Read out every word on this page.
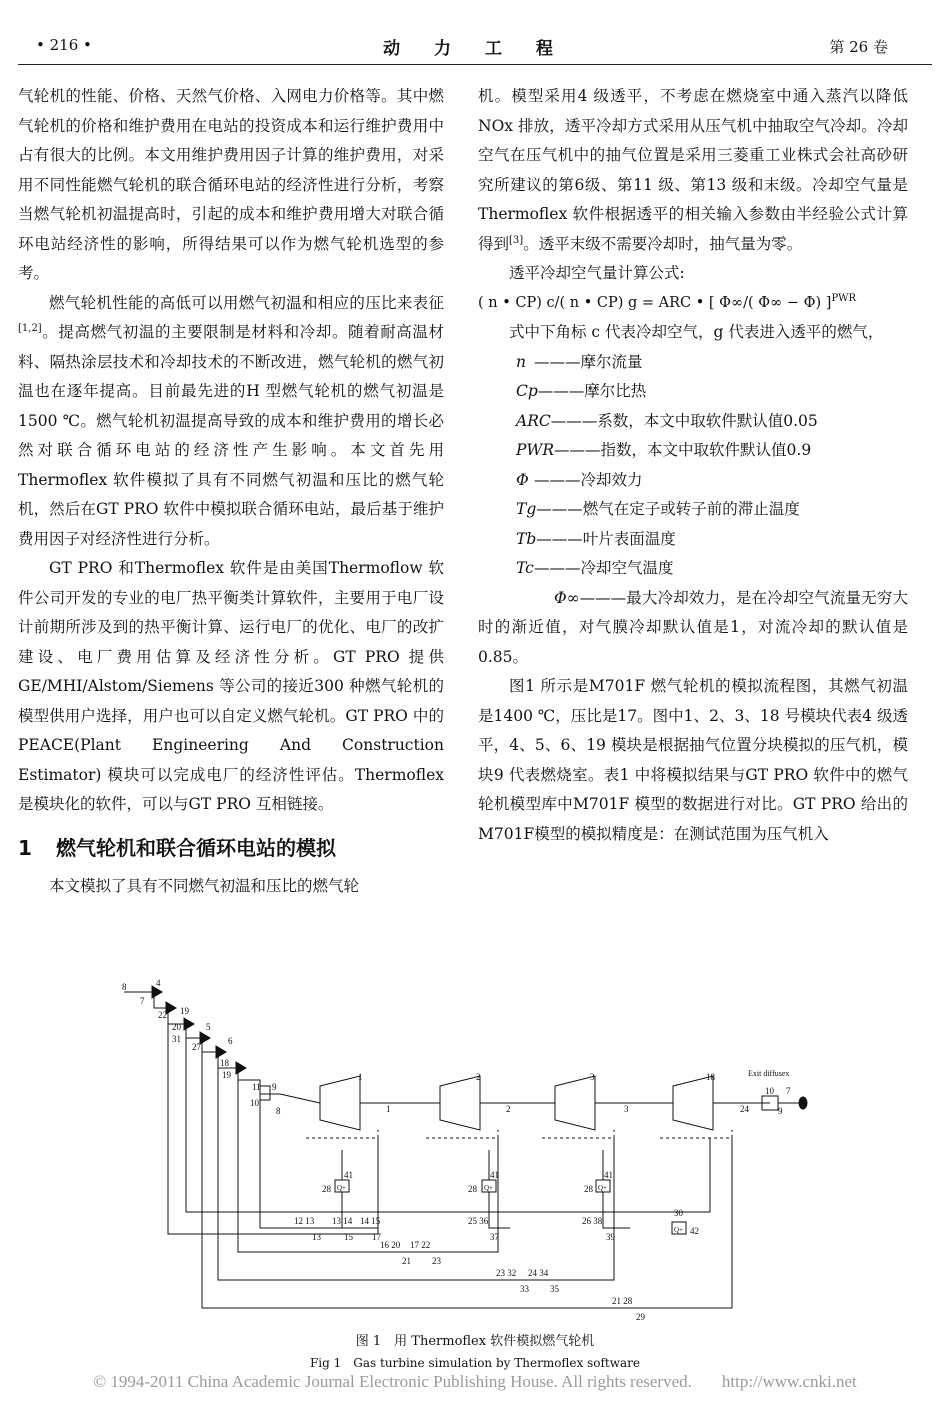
• 216 •	动 力 工 程	第 26 卷

气轮机的性能、价格、天然气价格、入网电力价格等。其中燃气轮机的价格和维护费用在电站的投资成本和运行维护费用中占有很大的比例。本文用维护费用因子计算的维护费用，对采用不同性能燃气轮机的联合循环电站的经济性进行分析，考察当燃气轮机初温提高时，引起的成本和维护费用增大对联合循环电站经济性的影响，所得结果可以作为燃气轮机选型的参考。

燃气轮机性能的高低可以用燃气初温和相应的压比来表征[1,2]。提高燃气初温的主要限制是材料和冷却。随着耐高温材料、隔热涂层技术和冷却技术的不断改进，燃气轮机的燃气初温也在逐年提高。目前最先进的H 型燃气轮机的燃气初温是1500 ℃。燃气轮机初温提高导致的成本和维护费用的增长必然对联合循环电站的经济性产生影响。本文首先用Thermoflex 软件模拟了具有不同燃气初温和压比的燃气轮机，然后在GT PRO 软件中模拟联合循环电站，最后基于维护费用因子对经济性进行分析。

GT PRO 和Thermoflex 软件是由美国Thermoflow 软件公司开发的专业的电厂热平衡类计算软件，主要用于电厂设计前期所涉及到的热平衡计算、运行电厂的优化、电厂的改扩建设、电厂费用估算及经济性分析。GT PRO 提供GE/MHI/Alstom/Siemens 等公司的接近300 种燃气轮机的模型供用户选择，用户也可以自定义燃气轮机。GT PRO 中的PEACE(Plant Engineering And Construction Estimator) 模块可以完成电厂的经济性评估。Thermoflex 是模块化的软件，可以与GT PRO 互相链接。

1 燃气轮机和联合循环电站的模拟

本文模拟了具有不同燃气初温和压比的燃气轮

机。模型采用4 级透平，不考虑在燃烧室中通入蒸汽以降低NOx 排放，透平冷却方式采用从压气机中抽取空气冷却。冷却空气在压气机中的抽气位置是采用三菱重工业株式会社高砂研究所建议的第6级、第11 级、第13 级和末级。冷却空气量是Thermoflex 软件根据透平的相关输入参数由半经验公式计算得到[3]。透平末级不需要冷却时，抽气量为零。

透平冷却空气量计算公式:

( n • CP) c/( n • CP) g = ARC • [ Φ∞/( Φ∞ − Φ) ]$^{PWR}$

式中下角标 c 代表冷却空气，g 代表进入透平的燃气，

n ———摩尔流量

Cp———摩尔比热

ARC———系数，本文中取软件默认值0.05

PWR———指数，本文中取软件默认值0.9

Φ ———冷却效力

Tg———燃气在定子或转子前的滞止温度

Tb———叶片表面温度

Tc———冷却空气温度

Φ∞———最大冷却效力，是在冷却空气流量无穷大时的渐近值，对气膜冷却默认值是1，对流冷却的默认值是0.85。

图1 所示是M701F 燃气轮机的模拟流程图，其燃气初温是1400 ℃，压比是17。图中1、2、3、18 号模块代表4 级透平，4、5、6、19 模块是根据抽气位置分块模拟的压气机，模块9 代表燃烧室。表1 中将模拟结果与GT PRO 软件中的燃气轮机模型库中M701F 模型的数据进行对比。GT PRO 给出的M701F模型的模拟精度是：在测试范围为压气机入

8	4
7
22 19
20
31
5
27
6
18
19
11 9
10
8
1	2	3	18
1	2	3	24
Exit diffusex
10 7
9
41
28 Q+
41
28 Q+
41
28 Q+
12 13 13 14 14 15
13	15 17
25 36
37
26 38
39
16 20 17 22
21 23
23 32 24 34
33 35
21 28
29
30
Q+ 42
图 1　用 Thermoflex 软件模拟燃气轮机
Fig 1　Gas turbine simulation by Thermoflex software
© 1994-2011 China Academic Journal Electronic Publishing House. All rights reserved. http://www.cnki.net
